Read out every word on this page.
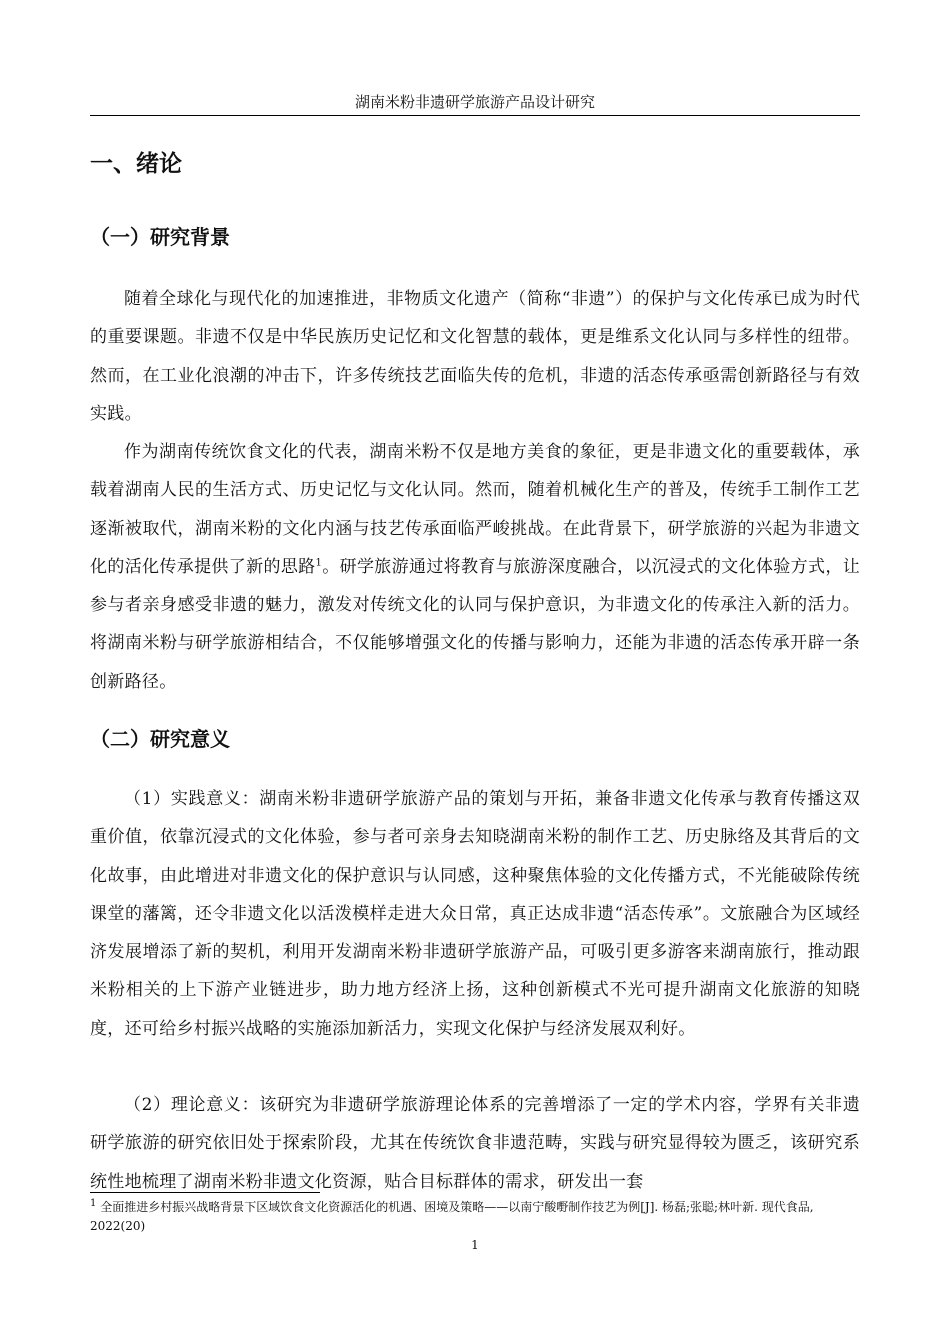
湖南米粉非遗研学旅游产品设计研究
一、绪论
（一）研究背景

随着全球化与现代化的加速推进，非物质文化遗产（简称“非遗”）的保护与文化传承已成为时代的重要课题。非遗不仅是中华民族历史记忆和文化智慧的载体，更是维系文化认同与多样性的纽带。然而，在工业化浪潮的冲击下，许多传统技艺面临失传的危机，非遗的活态传承亟需创新路径与有效实践。

作为湖南传统饮食文化的代表，湖南米粉不仅是地方美食的象征，更是非遗文化的重要载体，承载着湖南人民的生活方式、历史记忆与文化认同。然而，随着机械化生产的普及，传统手工制作工艺逐渐被取代，湖南米粉的文化内涵与技艺传承面临严峻挑战。在此背景下，研学旅游的兴起为非遗文化的活化传承提供了新的思路$^1$。研学旅游通过将教育与旅游深度融合，以沉浸式的文化体验方式，让参与者亲身感受非遗的魅力，激发对传统文化的认同与保护意识，为非遗文化的传承注入新的活力。将湖南米粉与研学旅游相结合，不仅能够增强文化的传播与影响力，还能为非遗的活态传承开辟一条创新路径。

（二）研究意义

（1）实践意义：湖南米粉非遗研学旅游产品的策划与开拓，兼备非遗文化传承与教育传播这双重价值，依靠沉浸式的文化体验，参与者可亲身去知晓湖南米粉的制作工艺、历史脉络及其背后的文化故事，由此增进对非遗文化的保护意识与认同感，这种聚焦体验的文化传播方式，不光能破除传统课堂的藩篱，还令非遗文化以活泼模样走进大众日常，真正达成非遗“活态传承”。文旅融合为区域经济发展增添了新的契机，利用开发湖南米粉非遗研学旅游产品，可吸引更多游客来湖南旅行，推动跟米粉相关的上下游产业链进步，助力地方经济上扬，这种创新模式不光可提升湖南文化旅游的知晓度，还可给乡村振兴战略的实施添加新活力，实现文化保护与经济发展双利好。

（2）理论意义：该研究为非遗研学旅游理论体系的完善增添了一定的学术内容，学界有关非遗研学旅游的研究依旧处于探索阶段，尤其在传统饮食非遗范畴，实践与研究显得较为匮乏，该研究系统性地梳理了湖南米粉非遗文化资源，贴合目标群体的需求，研发出一套

$^1$ 全面推进乡村振兴战略背景下区域饮食文化资源活化的机遇、困境及策略——以南宁酸嘢制作技艺为例[J]. 杨磊;张聪;林叶新. 现代食品, 2022(20)

1
